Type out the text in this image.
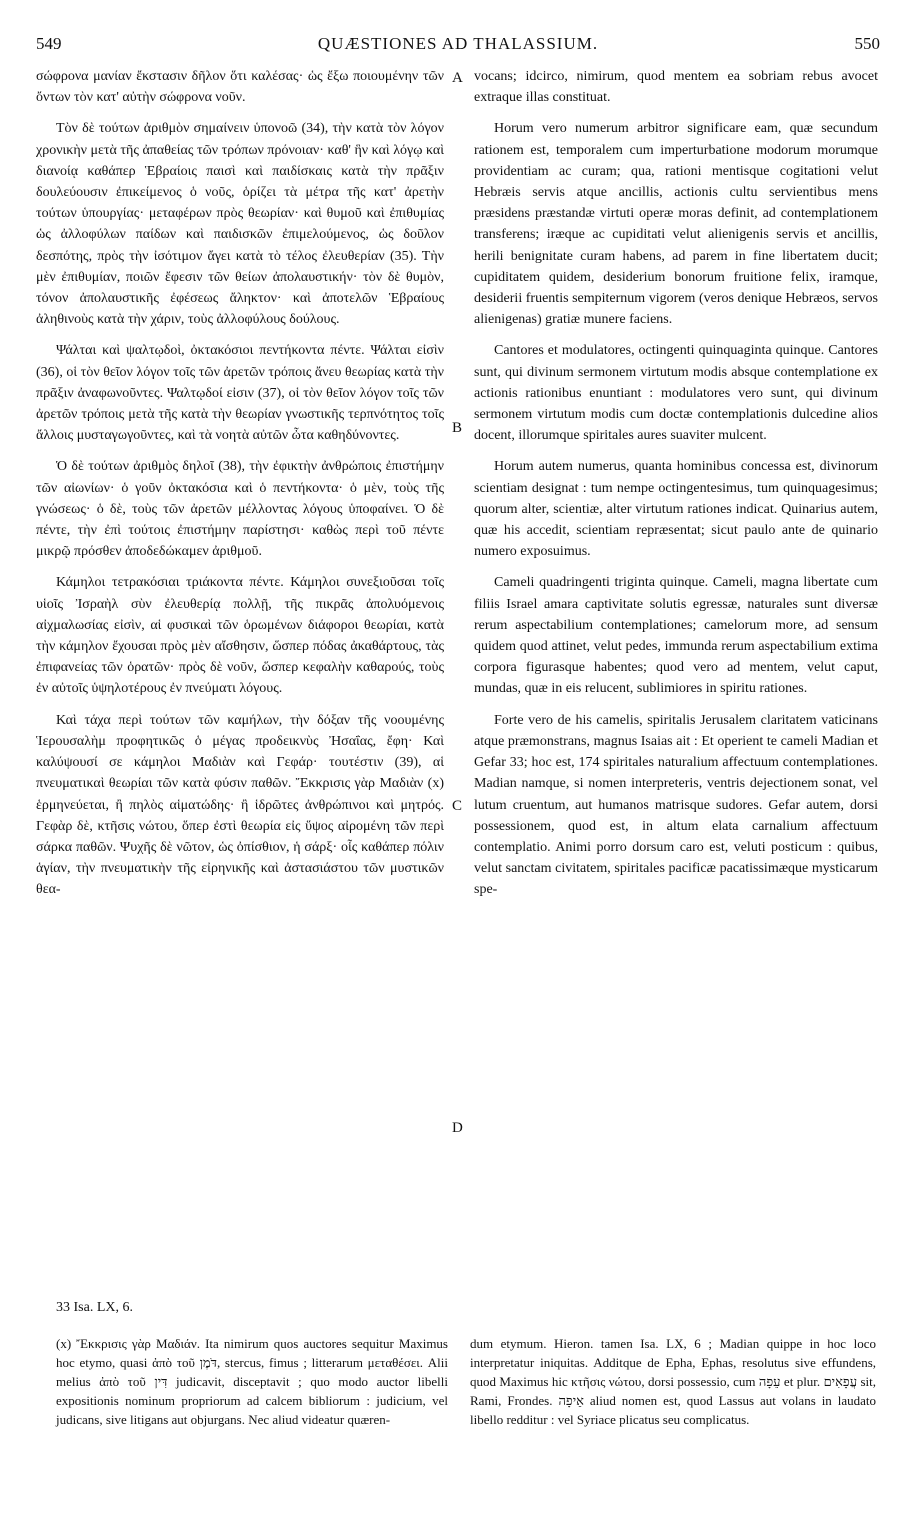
549	QUÆSTIONES AD THALASSIUM.	550

σώφρονα μανίαν ἔκστασιν δῆλον ὅτι καλέσας· ὡς ἔξω ποιουμένην τῶν ὄντων τὸν κατ' αὐτὴν σώφρονα νοῦν.

Τὸν δὲ τούτων ἀριθμὸν σημαίνειν ὑπονοῶ (34), τὴν κατὰ τὸν λόγον χρονικὴν μετὰ τῆς ἀπαθείας τῶν τρόπων πρόνοιαν· καθ' ἣν καὶ λόγῳ καὶ διανοίᾳ καθάπερ Ἑβραίοις παισὶ καὶ παιδίσκαις κατὰ τὴν πρᾶξιν δουλεύουσιν ἐπικείμενος ὁ νοῦς, ὁρίζει τὰ μέτρα τῆς κατ' ἀρετὴν τούτων ὑπουργίας· μεταφέρων πρὸς θεωρίαν· καὶ θυμοῦ καὶ ἐπιθυμίας ὡς ἀλλοφύλων παίδων καὶ παιδισκῶν ἐπιμελούμενος, ὡς δοῦλον δεσπότης, πρὸς τὴν ἰσότιμον ἄγει κατὰ τὸ τέλος ἐλευθερίαν (35). Τὴν μὲν ἐπιθυμίαν, ποιῶν ἔφεσιν τῶν θείων ἀπολαυστικήν· τὸν δὲ θυμὸν, τόνον ἀπολαυστικῆς ἐφέσεως ἄληκτον· καὶ ἀποτελῶν Ἑβραίους ἀληθινοὺς κατὰ τὴν χάριν, τοὺς ἀλλοφύλους δούλους.

Ψάλται καὶ ψαλτῳδοὶ, ὀκτακόσιοι πεντήκοντα πέντε. Ψάλται εἰσὶν (36), οἱ τὸν θεῖον λόγον τοῖς τῶν ἀρετῶν τρόποις ἄνευ θεωρίας κατὰ τὴν πρᾶξιν ἀναφωνοῦντες. Ψαλτῳδοί εἰσιν (37), οἱ τὸν θεῖον λόγον τοῖς τῶν ἀρετῶν τρόποις μετὰ τῆς κατὰ τὴν θεωρίαν γνωστικῆς τερπνότητος τοῖς ἄλλοις μυσταγωγοῦντες, καὶ τὰ νοητὰ αὐτῶν ὦτα καθηδύνοντες.

Ὁ δὲ τούτων ἀριθμὸς δηλοῖ (38), τὴν ἐφικτὴν ἀνθρώποις ἐπιστήμην τῶν αἰωνίων· ὁ γοῦν ὀκτακόσια καὶ ὁ πεντήκοντα· ὁ μὲν, τοὺς τῆς γνώσεως· ὁ δὲ, τοὺς τῶν ἀρετῶν μέλλοντας λόγους ὑποφαίνει. Ὁ δὲ πέντε, τὴν ἐπὶ τούτοις ἐπιστήμην παρίστησι· καθὼς περὶ τοῦ πέντε μικρῷ πρόσθεν ἀποδεδώκαμεν ἀριθμοῦ.

Κάμηλοι τετρακόσιαι τριάκοντα πέντε. Κάμηλοι συνεξιοῦσαι τοῖς υἱοῖς Ἰσραὴλ σὺν ἐλευθερίᾳ πολλῇ, τῆς πικρᾶς ἀπολυόμενοις αἰχμαλωσίας εἰσὶν, αἱ φυσικαὶ τῶν ὁρωμένων διάφοροι θεωρίαι, κατὰ τὴν κάμηλον ἔχουσαι πρὸς μὲν αἴσθησιν, ὥσπερ πόδας ἀκαθάρτους, τὰς ἐπιφανείας τῶν ὁρατῶν· πρὸς δὲ νοῦν, ὥσπερ κεφαλὴν καθαρούς, τοὺς ἐν αὐτοῖς ὑψηλοτέρους ἐν πνεύματι λόγους.

Καὶ τάχα περὶ τούτων τῶν καμήλων, τὴν δόξαν τῆς νοουμένης Ἱερουσαλὴμ προφητικῶς ὁ μέγας προδεικνὺς Ἠσαΐας, ἔφη· Καὶ καλύψουσί σε κάμηλοι Μαδιὰν καὶ Γεφάρ· τουτέστιν (39), αἱ πνευματικαὶ θεωρίαι τῶν κατὰ φύσιν παθῶν. Ἔκκρισις γὰρ Μαδιὰν (x) ἑρμηνεύεται, ἢ πηλὸς αἱματώδης· ἢ ἱδρῶτες ἀνθρώπινοι καὶ μητρός. Γεφὰρ δὲ, κτῆσις νώτου, ὅπερ ἐστὶ θεωρία εἰς ὕψος αἰρομένη τῶν περὶ σάρκα παθῶν. Ψυχῆς δὲ νῶτον, ὡς ὀπίσθιον, ἡ σάρξ· οἷς καθάπερ πόλιν ἁγίαν, τὴν πνευματικὴν τῆς εἰρηνικῆς καὶ ἀστασιάστου τῶν μυστικῶν θεα-

A
B
C
D

vocans; idcirco, nimirum, quod mentem ea sobriam rebus avocet extraque illas constituat.

Horum vero numerum arbitror significare eam, quæ secundum rationem est, temporalem cum imperturbatione modorum morumque providentiam ac curam; qua, rationi mentisque cogitationi velut Hebræis servis atque ancillis, actionis cultu servientibus mens præsidens præstandæ virtuti operæ moras definit, ad contemplationem transferens; iræque ac cupiditati velut alienigenis servis et ancillis, herili benignitate curam habens, ad parem in fine libertatem ducit; cupiditatem quidem, desiderium bonorum fruitione felix, iramque, desiderii fruentis sempiternum vigorem (veros denique Hebræos, servos alienigenas) gratiæ munere faciens.

Cantores et modulatores, octingenti quinquaginta quinque. Cantores sunt, qui divinum sermonem virtutum modis absque contemplatione ex actionis rationibus enuntiant : modulatores vero sunt, qui divinum sermonem virtutum modis cum doctæ contemplationis dulcedine alios docent, illorumque spiritales aures suaviter mulcent.

Horum autem numerus, quanta hominibus concessa est, divinorum scientiam designat : tum nempe octingentesimus, tum quinquagesimus; quorum alter, scientiæ, alter virtutum rationes indicat. Quinarius autem, quæ his accedit, scientiam repræsentat; sicut paulo ante de quinario numero exposuimus.

Cameli quadringenti triginta quinque. Cameli, magna libertate cum filiis Israel amara captivitate solutis egressæ, naturales sunt diversæ rerum aspectabilium contemplationes; camelorum more, ad sensum quidem quod attinet, velut pedes, immunda rerum aspectabilium extima corpora figurasque habentes; quod vero ad mentem, velut caput, mundas, quæ in eis relucent, sublimiores in spiritu rationes.

Forte vero de his camelis, spiritalis Jerusalem claritatem vaticinans atque præmonstrans, magnus Isaias ait : Et operient te cameli Madian et Gefar 33; hoc est, 174 spiritales naturalium affectuum contemplationes. Madian namque, si nomen interpreteris, ventris dejectionem sonat, vel lutum cruentum, aut humanos matrisque sudores. Gefar autem, dorsi possessionem, quod est, in altum elata carnalium affectuum contemplatio. Animi porro dorsum caro est, veluti posticum : quibus, velut sanctam civitatem, spiritales pacificæ pacatissimæque mysticarum spe-

33 Isa. LX, 6.
(x) Ἔκκρισις γὰρ Μαδιάν. Ita nimirum quos auctores sequitur Maximus hoc etymo, quasi ἀπὸ τοῦ דֹּמֶן, stercus, fimus ; litterarum μεταθέσει. Alii melius ἀπὸ τοῦ דִּין judicavit, disceptavit ; quo modo auctor libelli expositionis nominum propriorum ad calcem bibliorum : judicium, vel judicans, sive litigans aut objurgans. Nec aliud videatur quæren-
dum etymum. Hieron. tamen Isa. LX, 6 ; Madian quippe in hoc loco interpretatur iniquitas. Additque de Epha, Ephas, resolutus sive effundens, quod Maximus hic κτῆσις νώτου, dorsi possessio, cum עֵפָה et plur. עֲפָאִים sit, Rami, Frondes. אֵיפָה aliud nomen est, quod Lassus aut volans in laudato libello redditur : vel Syriace plicatus seu complicatus.
